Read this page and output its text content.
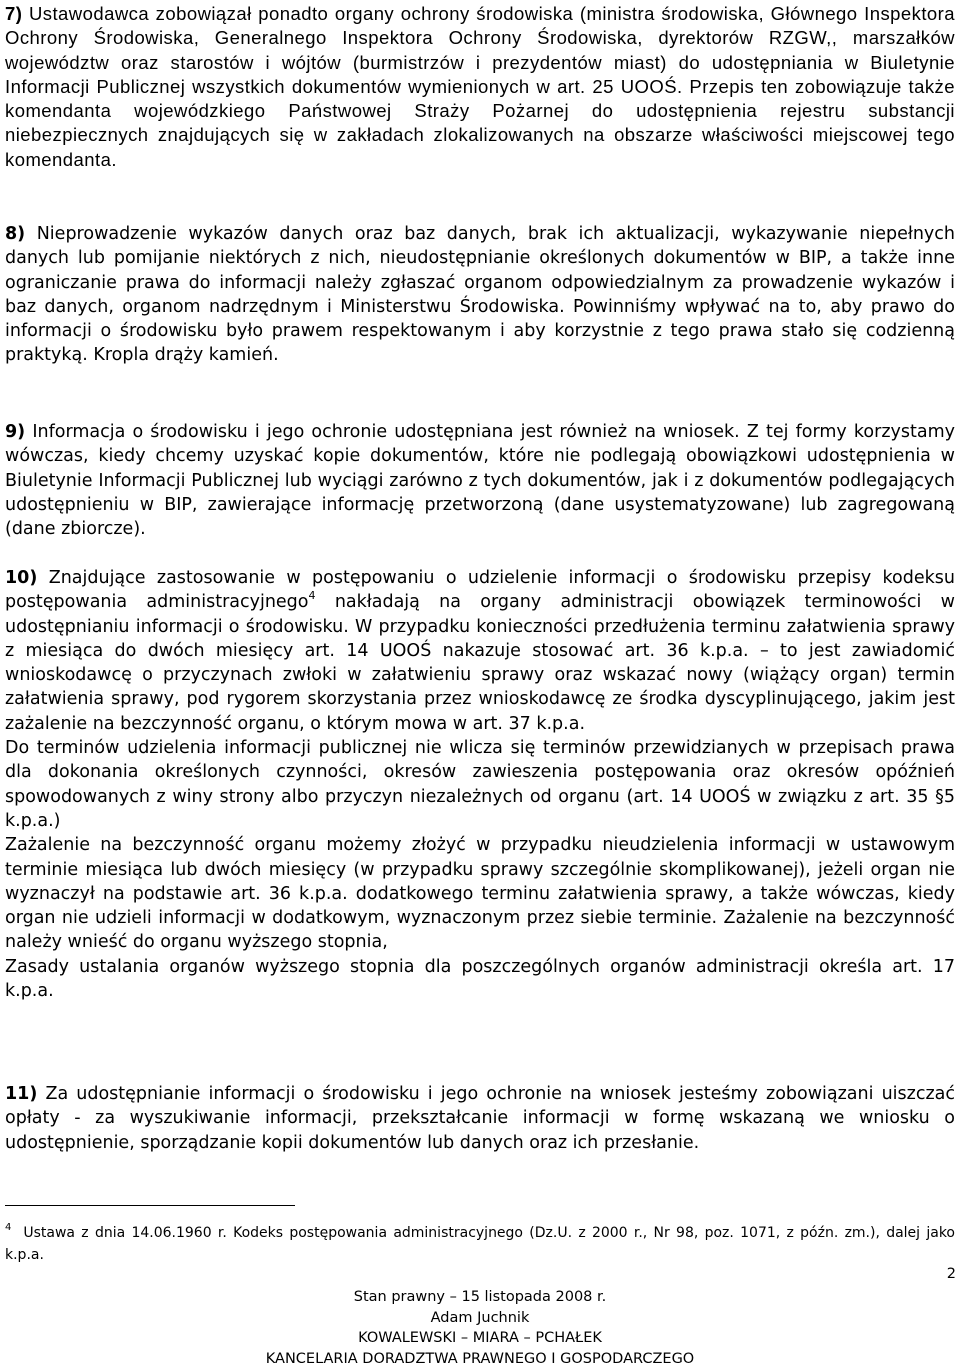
7) Ustawodawca zobowiązał ponadto organy ochrony środowiska (ministra środowiska, Głównego Inspektora Ochrony Środowiska, Generalnego Inspektora Ochrony Środowiska, dyrektorów RZGW,, marszałków województw oraz starostów i wójtów (burmistrzów i prezydentów miast) do udostępniania w Biuletynie Informacji Publicznej wszystkich dokumentów wymienionych w art. 25 UOOŚ. Przepis ten zobowiązuje także komendanta wojewódzkiego Państwowej Straży Pożarnej do udostępnienia rejestru substancji niebezpiecznych znajdujących się w zakładach zlokalizowanych na obszarze właściwości miejscowej tego komendanta.

8) Nieprowadzenie wykazów danych oraz baz danych, brak ich aktualizacji, wykazywanie niepełnych danych lub pomijanie niektórych z nich, nieudostępnianie określonych dokumentów w BIP, a także inne ograniczanie prawa do informacji należy zgłaszać organom odpowiedzialnym za prowadzenie wykazów i baz danych, organom nadrzędnym i Ministerstwu Środowiska. Powinniśmy wpływać na to, aby prawo do informacji o środowisku było prawem respektowanym i aby korzystnie z tego prawa stało się codzienną praktyką. Kropla drąży kamień.

9) Informacja o środowisku i jego ochronie udostępniana jest również na wniosek. Z tej formy korzystamy wówczas, kiedy chcemy uzyskać kopie dokumentów, które nie podlegają obowiązkowi udostępnienia w Biuletynie Informacji Publicznej lub wyciągi zarówno z tych dokumentów, jak i z dokumentów podlegających udostępnieniu w BIP, zawierające informację przetworzoną (dane usystematyzowane) lub zagregowaną (dane zbiorcze).

10) Znajdujące zastosowanie w postępowaniu o udzielenie informacji o środowisku przepisy kodeksu postępowania administracyjnego$^4$ nakładają na organy administracji obowiązek terminowości w udostępnianiu informacji o środowisku. W przypadku konieczności przedłużenia terminu załatwienia sprawy z miesiąca do dwóch miesięcy art. 14 UOOŚ nakazuje stosować art. 36 k.p.a. – to jest zawiadomić wnioskodawcę o przyczynach zwłoki w załatwieniu sprawy oraz wskazać nowy (wiążący organ) termin załatwienia sprawy, pod rygorem skorzystania przez wnioskodawcę ze środka dyscyplinującego, jakim jest zażalenie na bezczynność organu, o którym mowa w art. 37 k.p.a.
Do terminów udzielenia informacji publicznej nie wlicza się terminów przewidzianych w przepisach prawa dla dokonania określonych czynności, okresów zawieszenia postępowania oraz okresów opóźnień spowodowanych z winy strony albo przyczyn niezależnych od organu (art. 14 UOOŚ w związku z art. 35 §5 k.p.a.)
Zażalenie na bezczynność organu możemy złożyć w przypadku nieudzielenia informacji w ustawowym terminie miesiąca lub dwóch miesięcy (w przypadku sprawy szczególnie skomplikowanej), jeżeli organ nie wyznaczył na podstawie art. 36 k.p.a. dodatkowego terminu załatwienia sprawy, a także wówczas, kiedy organ nie udzieli informacji w dodatkowym, wyznaczonym przez siebie terminie. Zażalenie na bezczynność należy wnieść do organu wyższego stopnia,
Zasady ustalania organów wyższego stopnia dla poszczególnych organów administracji określa art. 17 k.p.a.

11) Za udostępnianie informacji o środowisku i jego ochronie na wniosek jesteśmy zobowiązani uiszczać opłaty - za wyszukiwanie informacji, przekształcanie informacji w formę wskazaną we wniosku o udostępnienie, sporządzanie kopii dokumentów lub danych oraz ich przesłanie.

$^4$ Ustawa z dnia 14.06.1960 r. Kodeks postępowania administracyjnego (Dz.U. z 2000 r., Nr 98, poz. 1071, z późn. zm.), dalej jako k.p.a.

2
Stan prawny – 15 listopada 2008 r.
Adam Juchnik
KOWALEWSKI – MIARA – PCHAŁEK
KANCELARIA DORADZTWA PRAWNEGO I GOSPODARCZEGO
